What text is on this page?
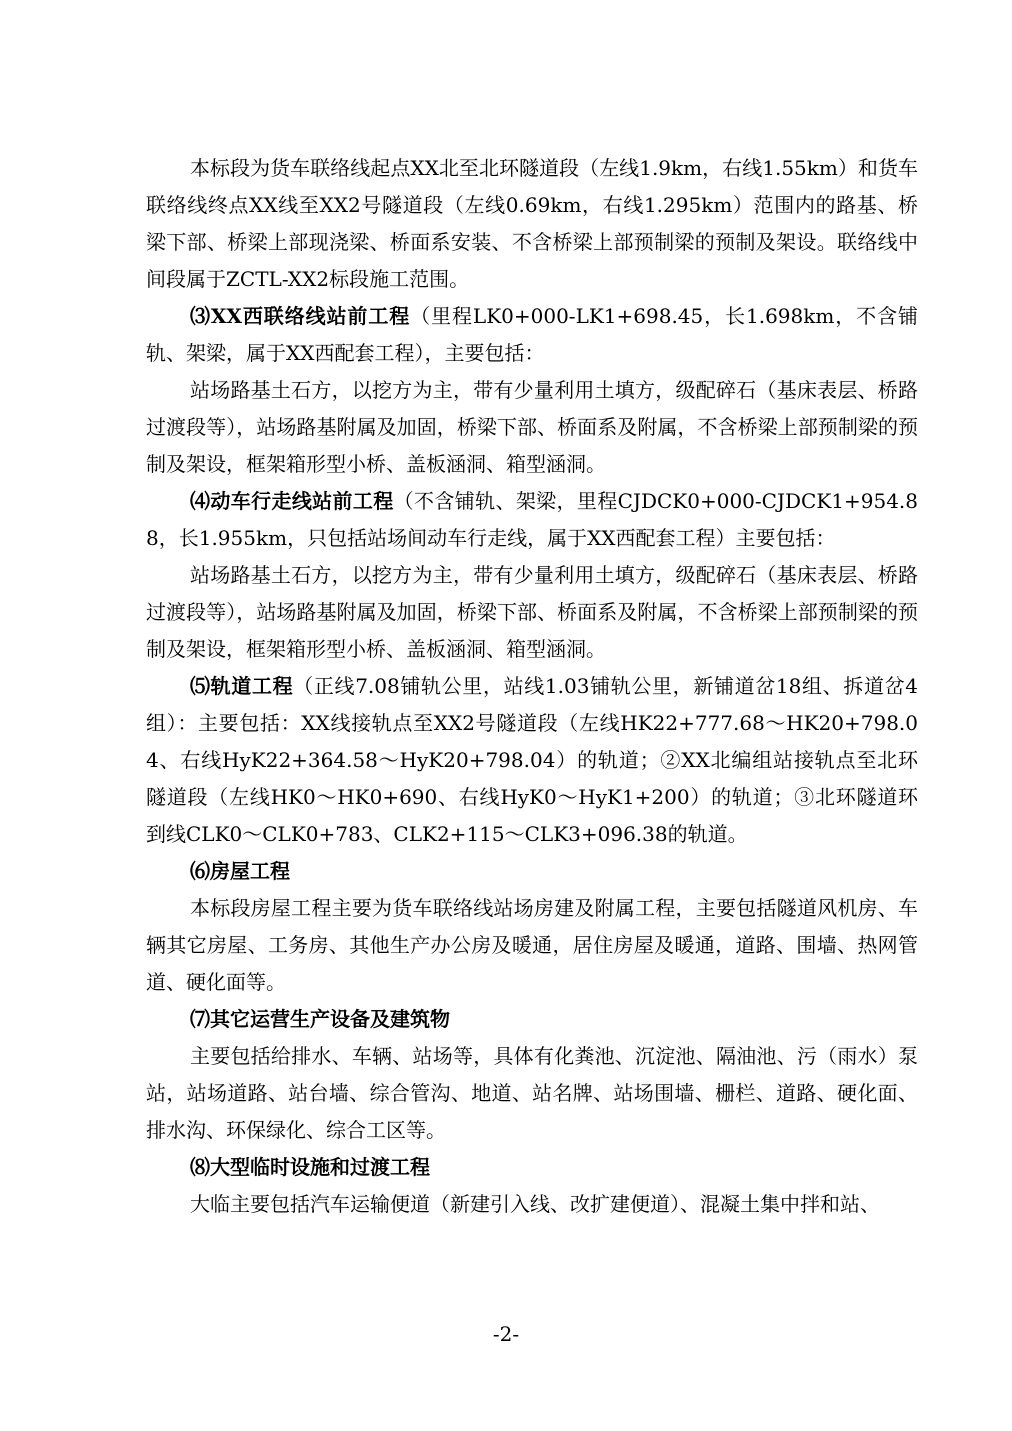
本标段为货车联络线起点XX北至北环隧道段（左线1.9km，右线1.55km）和货车联络线终点XX线至XX2号隧道段（左线0.69km，右线1.295km）范围内的路基、桥梁下部、桥梁上部现浇梁、桥面系安装、不含桥梁上部预制梁的预制及架设。联络线中间段属于ZCTL-XX2标段施工范围。

⑶XX西联络线站前工程（里程LK0+000-LK1+698.45，长1.698km，不含铺轨、架梁，属于XX西配套工程），主要包括：

站场路基土石方，以挖方为主，带有少量利用土填方，级配碎石（基床表层、桥路过渡段等），站场路基附属及加固，桥梁下部、桥面系及附属，不含桥梁上部预制梁的预制及架设，框架箱形型小桥、盖板涵洞、箱型涵洞。

⑷动车行走线站前工程（不含铺轨、架梁，里程CJDCK0+000-CJDCK1+954.88，长1.955km，只包括站场间动车行走线，属于XX西配套工程）主要包括：

站场路基土石方，以挖方为主，带有少量利用土填方，级配碎石（基床表层、桥路过渡段等），站场路基附属及加固，桥梁下部、桥面系及附属，不含桥梁上部预制梁的预制及架设，框架箱形型小桥、盖板涵洞、箱型涵洞。

⑸轨道工程（正线7.08铺轨公里，站线1.03铺轨公里，新铺道岔18组、拆道岔4组）：主要包括：XX线接轨点至XX2号隧道段（左线HK22+777.68～HK20+798.04、右线HyK22+364.58～HyK20+798.04）的轨道；②XX北编组站接轨点至北环隧道段（左线HK0～HK0+690、右线HyK0～HyK1+200）的轨道；③北环隧道环到线CLK0～CLK0+783、CLK2+115～CLK3+096.38的轨道。

⑹房屋工程

本标段房屋工程主要为货车联络线站场房建及附属工程，主要包括隧道风机房、车辆其它房屋、工务房、其他生产办公房及暖通，居住房屋及暖通，道路、围墙、热网管道、硬化面等。

⑺其它运营生产设备及建筑物

主要包括给排水、车辆、站场等，具体有化粪池、沉淀池、隔油池、污（雨水）泵站，站场道路、站台墙、综合管沟、地道、站名牌、站场围墙、栅栏、道路、硬化面、排水沟、环保绿化、综合工区等。

⑻大型临时设施和过渡工程

大临主要包括汽车运输便道（新建引入线、改扩建便道）、混凝土集中拌和站、

-2-
